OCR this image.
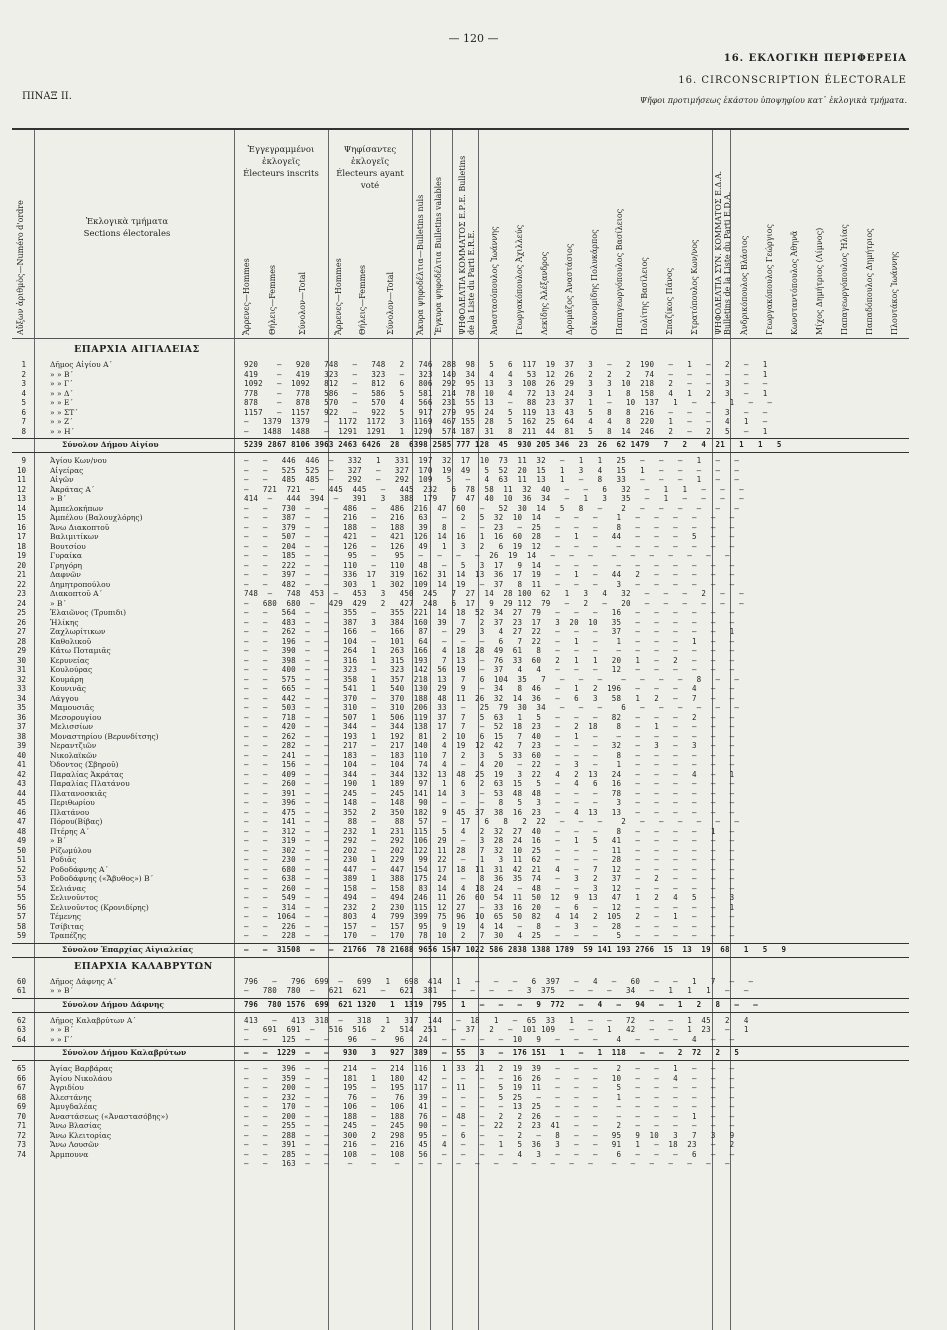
— 120 —
16. ΕΚΛΟΓΙΚΗ ΠΕΡΙΦΕΡΕΙΑ
16. CIRCONSCRIPTION ÉLECTORALE
Ψῆφοι προτιμήσεως ἑκάστου ὑποψηφίου κατ᾽ ἐκλογικὰ τμήματα.
ΠΙΝΑΞ ΙΙ.
Αὔξων ἀριθμὸς—Numéro d'ordre	Ἐκλογικὰ τμήματα
Sections électorales
Ἐγγεγραμμένοι ἐκλογεῖς
Électeurs inscrits
Ψηφίσαντες ἐκλογεῖς
Électeurs ayant voté
Ἄρρενες—Hommes Θήλεις—Femmes	Σύνολον—Total	Ἄρρενες—Hommes Θήλεις—Femmes Σύνολον—Total	Ἄκυρα ψηφοδέλτια—Bulletins nuls Ἔγκυρα ψηφοδέλτια Bulletins valables ΨΗΦΟΔΕΛΤΙΑ ΚΟΜΜΑΤΟΣ Ε.Ρ.Ε. Bulletins de la Liste du Parti E.R.E.	ΨΗΦΟΔΕΛΤΙΑ ΣΥΝ. ΚΟΜΜΑΤΟΣ Ε.Δ.Α. Bulletins de la Liste du Parti E.D.A.
Ἀναστασόπουλος Ἰωάννης Γεωργακόπουλος Ἀχιλλεύς Λεκίδης Ἀλέξανδρος Δρομάζος Ἀναστάσιος Οἰκονομίδης Πολυκάρπος Παπαγεωργόπουλος Βασίλειος Πολίτης Βασίλειος Σπαζίκος Πάνος Στρατόπουλος Κων/νος	Ἀνδρικόπουλος Βλάσιος Γεωργακόπουλος Γεώργιος Κωνσταντόπουλος Ἀθηνᾶ Μίχος Δημήτριος (Λίμνος) Παπαγεωργόπουλος Ἠλίας Παπαδόπουλος Δημήτριος Πλουτάκος Ἰωάννης
ΕΠΑΡΧΙΑ ΑΙΓΙΑΛΕΙΑΣ
1	Δῆμος Αἰγίου Α΄	920    —   920   748   —   748   2   746  288  98   5   6  117  19  37   3   —   2  190   —   1   —   2   —   1
2	» » Β΄	419    —   419   323   —   323   —   323  140  34   4   4   53  12  26   2   2   2   74   —   —   —   —   —   1
3	» » Γ΄	1092   —  1092   812   —   812   6   806  292  95  13   3  108  26  29   3   3  10  218   2   —   —   3   —   —
4	» » Δ΄	778    —   778   586   —   586   5   581  214  78  10   4   72  13  24   3   1   8  158   4   1   2   3   —   1
5	» » Ε΄	878    —   878   570   —   570   4   566  231  55  13   —   88  23  37   1   —   10  137   1   —   —   1   —   —
6	» » ΣΤ΄	1157   —  1157   922   —   922   5   917  279  95  24   5  119  13  43   5   8   8  216   —   —   —   3   —   —
7	» » Ζ΄	—   1379  1379   —  1172  1172   3  1169  467 155  28   5  162  25  64   4   4   8  220   1   —   —   4   1   —
8	» » Η΄	—   1488  1488   —  1291  1291   1  1290  574 187  31   8  211  44  81   5   8  14  246   2   —   2   5   —   1
Σύνολον Δήμου Αἰγίου	5239 2867 8106 3963 2463 6426  28  6398 2585 777 128  45  930 205 346  23  26  62 1479   7   2   4  21   1   1   5
9	Ἁγίου Κων/νου	—   —   446  446  —   332   1   331  197  32  17  10  73  11  32   —   1   1   25   —   —   —   1   —   —
10	Αἰγείρας	—   —   525  525  —   327   —   327  170  19  49   5  52  20  15   1   3   4   15   1   —   —   —   —   —
11	Αἰγῶν	—   —   485  485  —   292   —   292  109   5   —   4  63  11  13   1   —   8   33   —   —   —   1   —   —
12	Ἀκράτας Α΄	—   721  721  —   445  445   —   445  232   6  78  58  11  32  40   —   —   6   32   —   1   1   —   —   —
13	» Β΄	414  —   444  394  —   391   3   388  179   7  47  40  10  36  34   —   1   3   35   —   1   —   —   —   —
14	Ἀμπελοκήπων	—   —   730  —   —   486   —   486  216  47  60   —   52  30  14   5   8   —    2   —   —   —   —   —   —
15	Ἀμπέλου (Βαλουχλόρης)	—   —   387  —   —   216   —   216   63   —   2   5  32  10  14   —   —   —    1   —   —   —   —   —   —
16	Ἄνω Διακοπτοῦ	—   —   379  —   —   188   —   188   39   8   —   —  23   —  25   —   —   —    8   —   —   —   —   —   —
17	Βαλιμιτίκων	—   —   507  —   —   421   —   421  126  14  16   1  16  60  28   —   1   —   44   —   —   —   5   —   —
18	Βουτσίου	—   —   204  —   —   126   —   126   49   1   3   2   6  19  12   —   —   —    —   —   —   —   —   —   —
19	Γυραίκα	—   —   185  —   —    95   —    95   —   —   —   —  26  19  14   —   —   —    —   —   —   —   —   —   —
20	Γρηγόρη	—   —   222  —   —   110   —   110   48   —   5   3  17   9  14   —   —   —    —   —   —   —   —   —   —
21	Δαφνῶν	—   —   397  —   —   336  17   319  162  31  14  13  36  17  19   —   1   —   44   2   —   —   —   —   —
22	Δημητροπούλου	—   —   482  —   —   303   1   302  109  14  19   —  37   8  11   —   —   —    3   —   —   —   —   —   —
23	Διακοπτοῦ Α΄	748  —   748  453  —   453   3   450  245   7  27  14  28 100  62   1   3   4   32   —   —   —   2   —   —
24	» Β΄	—   680  680  —   429  429   2   427  248   6  17   9  29 112  79   —   2   —   20   —   —   —   —   —   —
25	Ἐλαιῶνος (Τρυπιδι)	—   —   564  —   —   355   —   355  221  14  18  52  34  27  79   —   —   —   16   —   —   —   —   —   —
26	Ἡλίκης	—   —   483  —   —   387   3   384  160  39   7   2  37  23  17   3  20  10   35   —   —   —   —   —   —
27	Ζαχλωρίτικων	—   —   262  —   —   166   —   166   87   —  29   3   4  27  22   —   —   —   37   —   —   —   —   —   1
28	Καθολικοῦ	—   —   196  —   —   104   —   101   64   —   —   —   6   7  22   —   1   —    1   —   —   —   1   —   —
29	Κάτω Ποταμιᾶς	—   —   390  —   —   264   1   263  166   4  18  28  49  61   8   —   —   —    —   —   —   —   —   —   —
30	Κερυνείας	—   —   398  —   —   316   1   315  193   7  13   —  76  33  60   2   1   1   20   1   —   2   —   —   —
31	Κουλούρας	—   —   400  —   —   323   —   323  142  56  19   —  37   4   4   —   —   —   12   —   —   —   —   —   —
32	Κουμάρη	—   —   575  —   —   358   1   357  218  13   7   6  104  35   7   —   —   —    —   —   —   —   8   —   —
33	Κουνινᾶς	—   —   665  —   —   541   1   540  130  29   9   —  34   8  46   —   1   2  196   —   —   —   4   —   —
34	Λάγγου	—   —   442  —   —   370   —   370  188  48  11  26  32  14  36   —   6   3   58   1   2   —   7   —   —
35	Μαμουσιᾶς	—   —   503  —   —   310   —   310  206  33   —   25  79  30  34   —   —   —    6   —   —   —   —   —   —
36	Μεσορουγίου	—   —   718  —   —   507   1   506  119  37   7   5  63   1   5   —   —   —   82   —   —   —   2   —   —
37	Μελισσίων	—   —   420  —   —   344   —   344  138  17   7   —  52  18  23   —   2  18    8   —   1   —   —   —   —
38	Μοναστηρίου (Βερυνδίτσης)	—   —   262  —   —   193   1   192   81   2  10   6  15   7  40   —   1   —    —   —   —   —   —   —   —
39	Νεραντζιῶν	—   —   282  —   —   217   —   217  140   4  19  12  42   7  23   —   —   —   32   —   3   —   3   —   —
40	Νικολαϊκῶν	—   —   241  —   —   183   —   183  110   7   2   3   5  33  60   —   —   —    8   —   —   —   —   —   —
41	Ὀδοντος (Σβηροῦ)	—   —   156  —   —   104   —   104   74   4   —   4  20   —  22   —   3   —    1   —   —   —   —   —   —
42	Παραλίας Ἀκράτας	—   —   409  —   —   344   —   344  132  13  48  25  19   3  22   4   2  13   24   —   —   —   4   —   1
43	Παραλίας Πλατάνου	—   —   260  —   —   190   1   189   97   1   6   2  63  15   5   —   4   6   16   —   —   —   —   —   —
44	Πλατανοσκιᾶς	—   —   391  —   —   245   —   245  141  14   3   —  53  48  48   —   —   —   78   —   —   —   —   —   —
45	Περιθωρίου	—   —   396  —   —   148   —   148   90   —   —   —   8   5   3   —   —   —    3   —   —   —   —   —   —
46	Πλατάνου	—   —   475  —   —   352   2   350  182   9  45  37  38  16  23   —   4  13   13   —   —   —   —   —   —
47	Πόρου(Βίβας)	—   —   141  —   —    88   —    88   57   —   17   6   8   2  22   —   —   —    2   —   —   —   —   —   —
48	Πτέρης Α΄	—   —   312  —   —   232   1   231  115   5   4   2  32  27  40   —   —   —    8   —   —   —   —   1   —
49	» Β΄	—   —   319  —   —   292   —   292  106  29   —   3  28  24  16   —   1   5   41   —   —   —   —   —   —
50	Ρίζωμύλου	—   —   302  —   —   202   —   202  122  11  28   7  32  10  25   —   —   —   11   —   —   —   —   —   —
51	Ροδιᾶς	—   —   230  —   —   230   1   229   99  22   —   1   3  11  62   —   —   —   28   —   —   —   —   —   —
52	Ροδοδάφνης Α΄	—   —   680  —   —   447   —   447  154  17  18  11  31  42  21   4   —   7   12   —   —   —   —   —   —
53	Ροδοδάφνης («Ἄβυθος») Β΄	—   —   638  —   —   389   1   388  175  24   —   8  36  35  74   —   3   2   37   —   2   —   —   —   —
54	Σελιάνας	—   —   260  —   —   158   —   158   83  14   4  18  24   —  48   —   —   3   12   —   —   —   —   —   —
55	Σελινοῦντος	—   —   549  —   —   494   —   494  246  11  26  60  54  11  50  12   9  13   47   1   2   4   5   —   3
56	Σελινοῦντος (Κρονιδίρης)	—   —   314  —   —   232   2   230  115  12  27   —  33  16  20   —   6   —   12   —   —   —   —   —   1
57	Τέμενης	—   —  1064  —   —   803   4   799  399  75  96  10  65  50  82   4  14   2  105   2   —   1   —   —   —
58	Τσίβιτας	—   —   226  —   —   157   —   157   95   9  19   4  14   —   8   —   3   —   28   —   —   —   —   —   —
59	Τραπέζης	—   —   228  —   —   170   —   170   78  10   2   7  30   4  25   —   —   —    5   —   —   —   —   —   —
Σύνολον Ἐπαρχίας Αἰγιαλείας	—   —  31508  —   —  21766  78 21688 9656 1547 1022 586 2838 1388 1789  59 141 193 2766  15  13  19  68   1   5   9
ΕΠΑΡΧΙΑ ΚΑΛΑΒΡΥΤΩΝ
60	Δῆμος Δάφνης Α΄	796   —   796  699  —   699   1   698  414   1   —   —   —   6  397   —   4   —   60   —   —   1   7   —   —
61	» » Β΄	—   780  780  —   621  621   —   621  381   —   —   —   —   3  375   —   —   —   34   —   1   1   1   —   —
Σύνολον Δήμου Δάφνης	796  780 1576  699  621 1320   1  1319  795   1   —   —   —   9  772   —   4   —   94   —   1   2   8   —   —
62	Δῆμος Καλαβρύτων Α΄	413   —   413  318  —   318   1   317  144   —  18   1   —  65  33   1   —   —   72   —   —   1  45   2   4
63	» » Β΄	—   691  691  —   516  516   2   514  251   —  37   2   —  101 109   —   —   1   42   —   —   1  23   —   1
64	» » Γ΄	—   —   125  —   —    96   —    96   24   —   —   —   —  10   9   —   —   —    4   —   —   —   4   —   —
Σύνολον Δήμου Καλαβρύτων	—   —  1229  —   —   930   3   927  389   —  55   3   —  176 151   1   —   1  118   —   —   2  72   2   5
65	Ἁγίας Βαρβάρας	—   —   396  —   —   214   —   214  116   1  33  21   2  19  39   —   —   —    2   —   —   1   —   —   —
66	Ἁγίου Νικολάου	—   —   359  —   —   181   1   180   42   —   —   —   —  16  26   —   —   —   10   —   —   4   —   —   —
67	Ἀγριδίου	—   —   200  —   —   195   —   195  117   —  11   —   5  19  11   —   —   —    5   —   —   —   —   —   —
68	Ἀλεστάνης	—   —   232  —   —    76   —    76   39   —   —   —   5  25   —   —   —   —    1   —   —   —   —   —   —
69	Ἀμυγδαλέας	—   —   170  —   —   106   —   106   41   —   —   —   —  13  25   —   —   —    —   —   —   —   —   —   —
70	Ἀναστάσεως («Ἀναστασόβης»)	—   —   200  —   —   188   —   188   76   —  48   —   2   2  26   —   —   —    —   —   —   —   1   —   —
71	Ἄνω Βλασίας	—   —   255  —   —   245   —   245   90   —   —   —  22   2  23  41   —   —    2   —   —   —   —   —   —
72	Ἄνω Κλειτορίας	—   —   288  —   —   300   2   298   95   —   6   —   —   2   —   8   —   —   95   9  10   3   7   3   9
73	Ἄνω Λουσῶν	—   —   391  —   —   216   —   216   45   4   —   —   1   5  36   3   —   —   91   1   —  18  23   —   2
74	Ἀρμπουνα	—   —   285  —   —   108   —   108   56   —   —   —   —   4   3   —   —   —    6   —   —   —   6   —   —
—   —   163  —   —    —    —    —    —   —   —   —   —   —   —   —   —   —    —   —   —   —   —   —   —
